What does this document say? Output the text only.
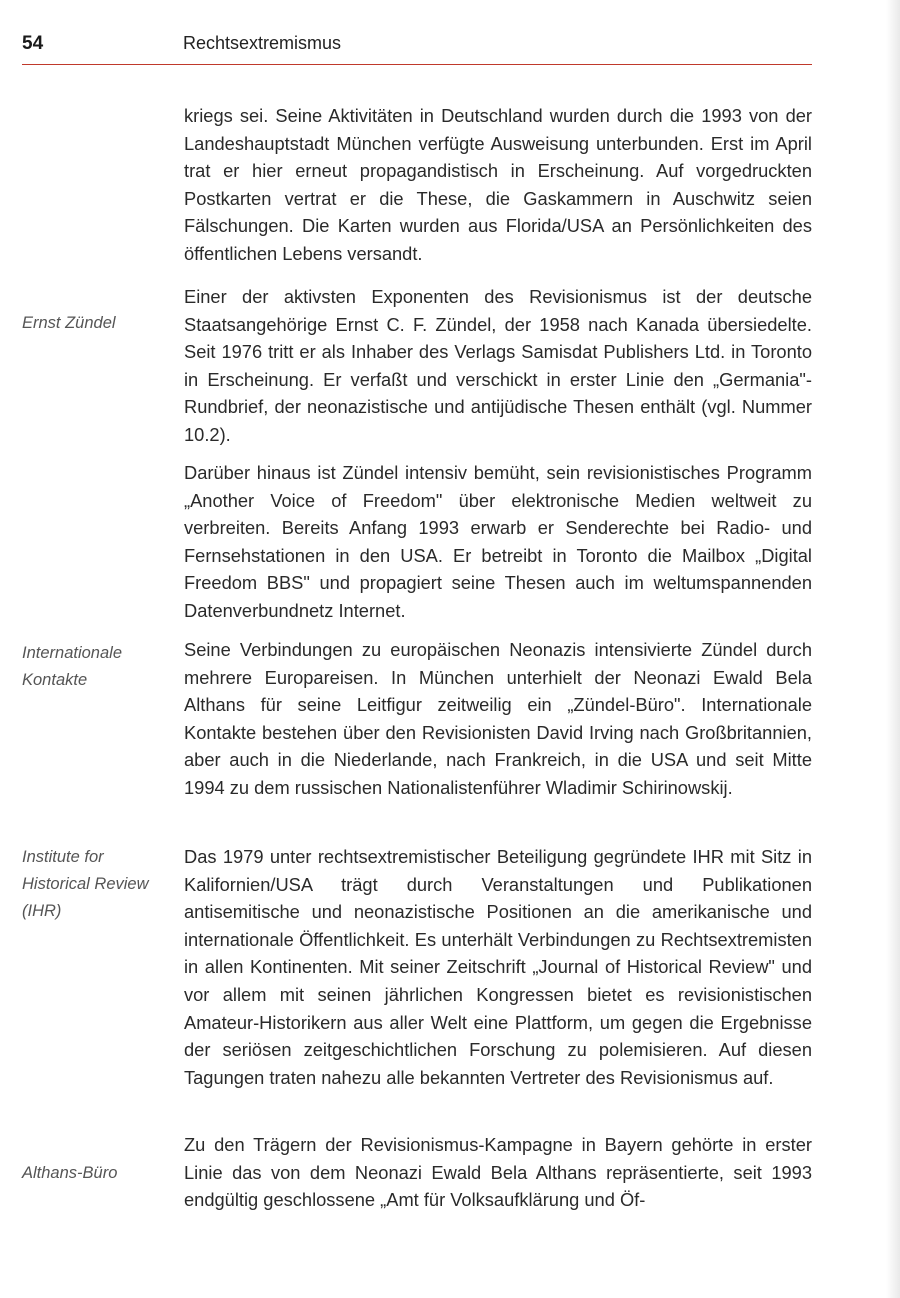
54	Rechtsextremismus
Ernst Zündel
Internationale
Kontakte
Institute for
Historical Review
(IHR)
Althans-Büro

kriegs sei. Seine Aktivitäten in Deutschland wurden durch die 1993 von der Landeshauptstadt München verfügte Ausweisung unterbunden. Erst im April trat er hier erneut propagandistisch in Erscheinung. Auf vorgedruckten Postkarten vertrat er die These, die Gaskammern in Auschwitz seien Fälschungen. Die Karten wurden aus Florida/USA an Persönlichkeiten des öffentlichen Lebens versandt.

Einer der aktivsten Exponenten des Revisionismus ist der deutsche Staatsangehörige Ernst C. F. Zündel, der 1958 nach Kanada übersiedelte. Seit 1976 tritt er als Inhaber des Verlags Samisdat Publishers Ltd. in Toronto in Erscheinung. Er verfaßt und verschickt in erster Linie den „Germania"-Rundbrief, der neonazistische und antijüdische Thesen enthält (vgl. Nummer 10.2).

Darüber hinaus ist Zündel intensiv bemüht, sein revisionistisches Programm „Another Voice of Freedom" über elektronische Medien weltweit zu verbreiten. Bereits Anfang 1993 erwarb er Senderechte bei Radio- und Fernsehstationen in den USA. Er betreibt in Toronto die Mailbox „Digital Freedom BBS" und propagiert seine Thesen auch im weltumspannenden Datenverbundnetz Internet.

Seine Verbindungen zu europäischen Neonazis intensivierte Zündel durch mehrere Europareisen. In München unterhielt der Neonazi Ewald Bela Althans für seine Leitfigur zeitweilig ein „Zündel-Büro". Internationale Kontakte bestehen über den Revisionisten David Irving nach Großbritannien, aber auch in die Niederlande, nach Frankreich, in die USA und seit Mitte 1994 zu dem russischen Nationalistenführer Wladimir Schirinowskij.

Das 1979 unter rechtsextremistischer Beteiligung gegründete IHR mit Sitz in Kalifornien/USA trägt durch Veranstaltungen und Publikationen antisemitische und neonazistische Positionen an die amerikanische und internationale Öffentlichkeit. Es unterhält Verbindungen zu Rechtsextremisten in allen Kontinenten. Mit seiner Zeitschrift „Journal of Historical Review" und vor allem mit seinen jährlichen Kongressen bietet es revisionistischen Amateur-Historikern aus aller Welt eine Plattform, um gegen die Ergebnisse der seriösen zeitgeschichtlichen Forschung zu polemisieren. Auf diesen Tagungen traten nahezu alle bekannten Vertreter des Revisionismus auf.

Zu den Trägern der Revisionismus-Kampagne in Bayern gehörte in erster Linie das von dem Neonazi Ewald Bela Althans repräsentierte, seit 1993 endgültig geschlossene „Amt für Volksaufklärung und Öf-
